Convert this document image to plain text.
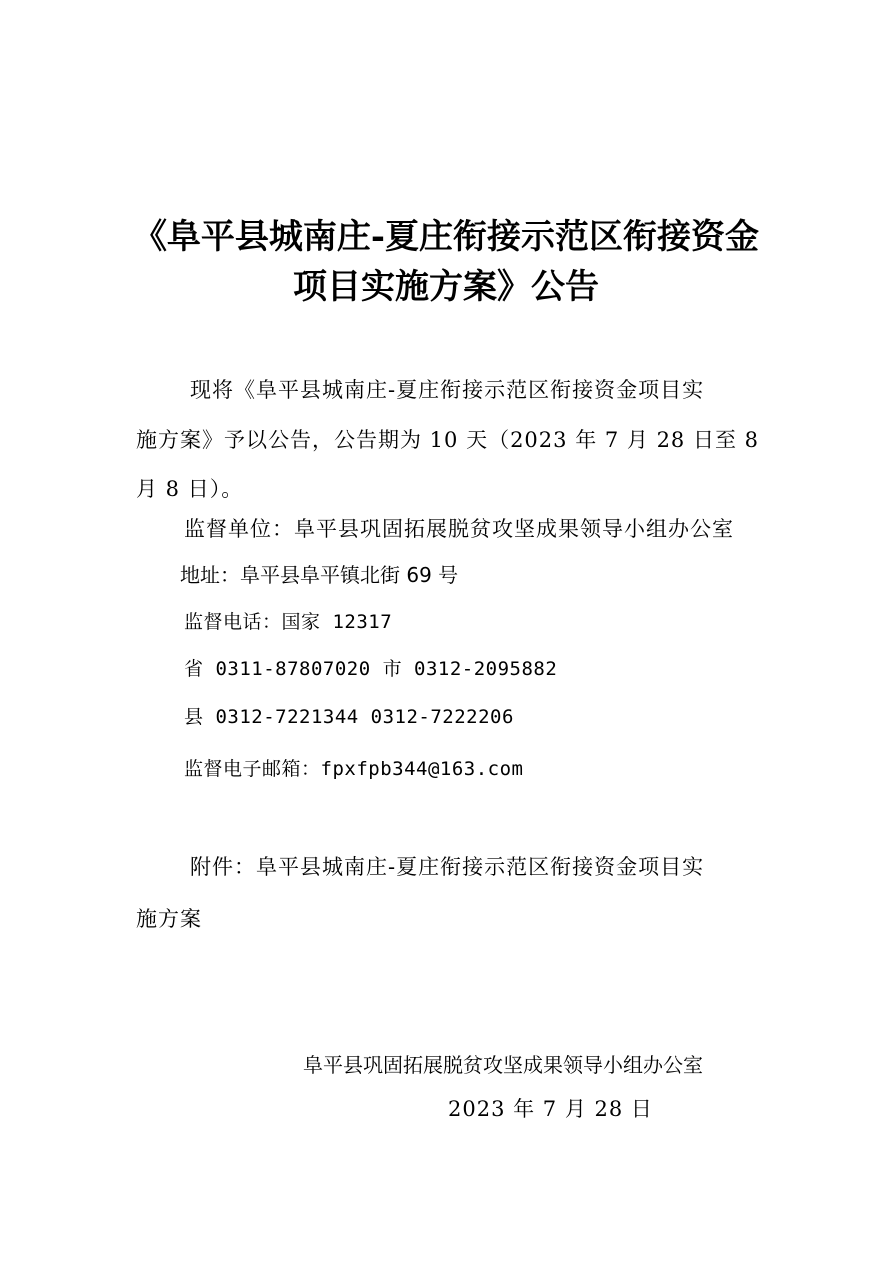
《阜平县城南庄-夏庄衔接示范区衔接资金
项目实施方案》公告
现将《阜平县城南庄-夏庄衔接示范区衔接资金项目实
施方案》予以公告，公告期为 10 天（2023 年 7 月 28 日至 8
月 8 日）。
监督单位：阜平县巩固拓展脱贫攻坚成果领导小组办公室
地址：阜平县阜平镇北街 69 号
监督电话：国家 12317
省 0311-87807020 市 0312-2095882
县 0312-7221344 0312-7222206
监督电子邮箱：fpxfpb344@163.com
附件：阜平县城南庄-夏庄衔接示范区衔接资金项目实
施方案
阜平县巩固拓展脱贫攻坚成果领导小组办公室
2023 年 7 月 28 日
